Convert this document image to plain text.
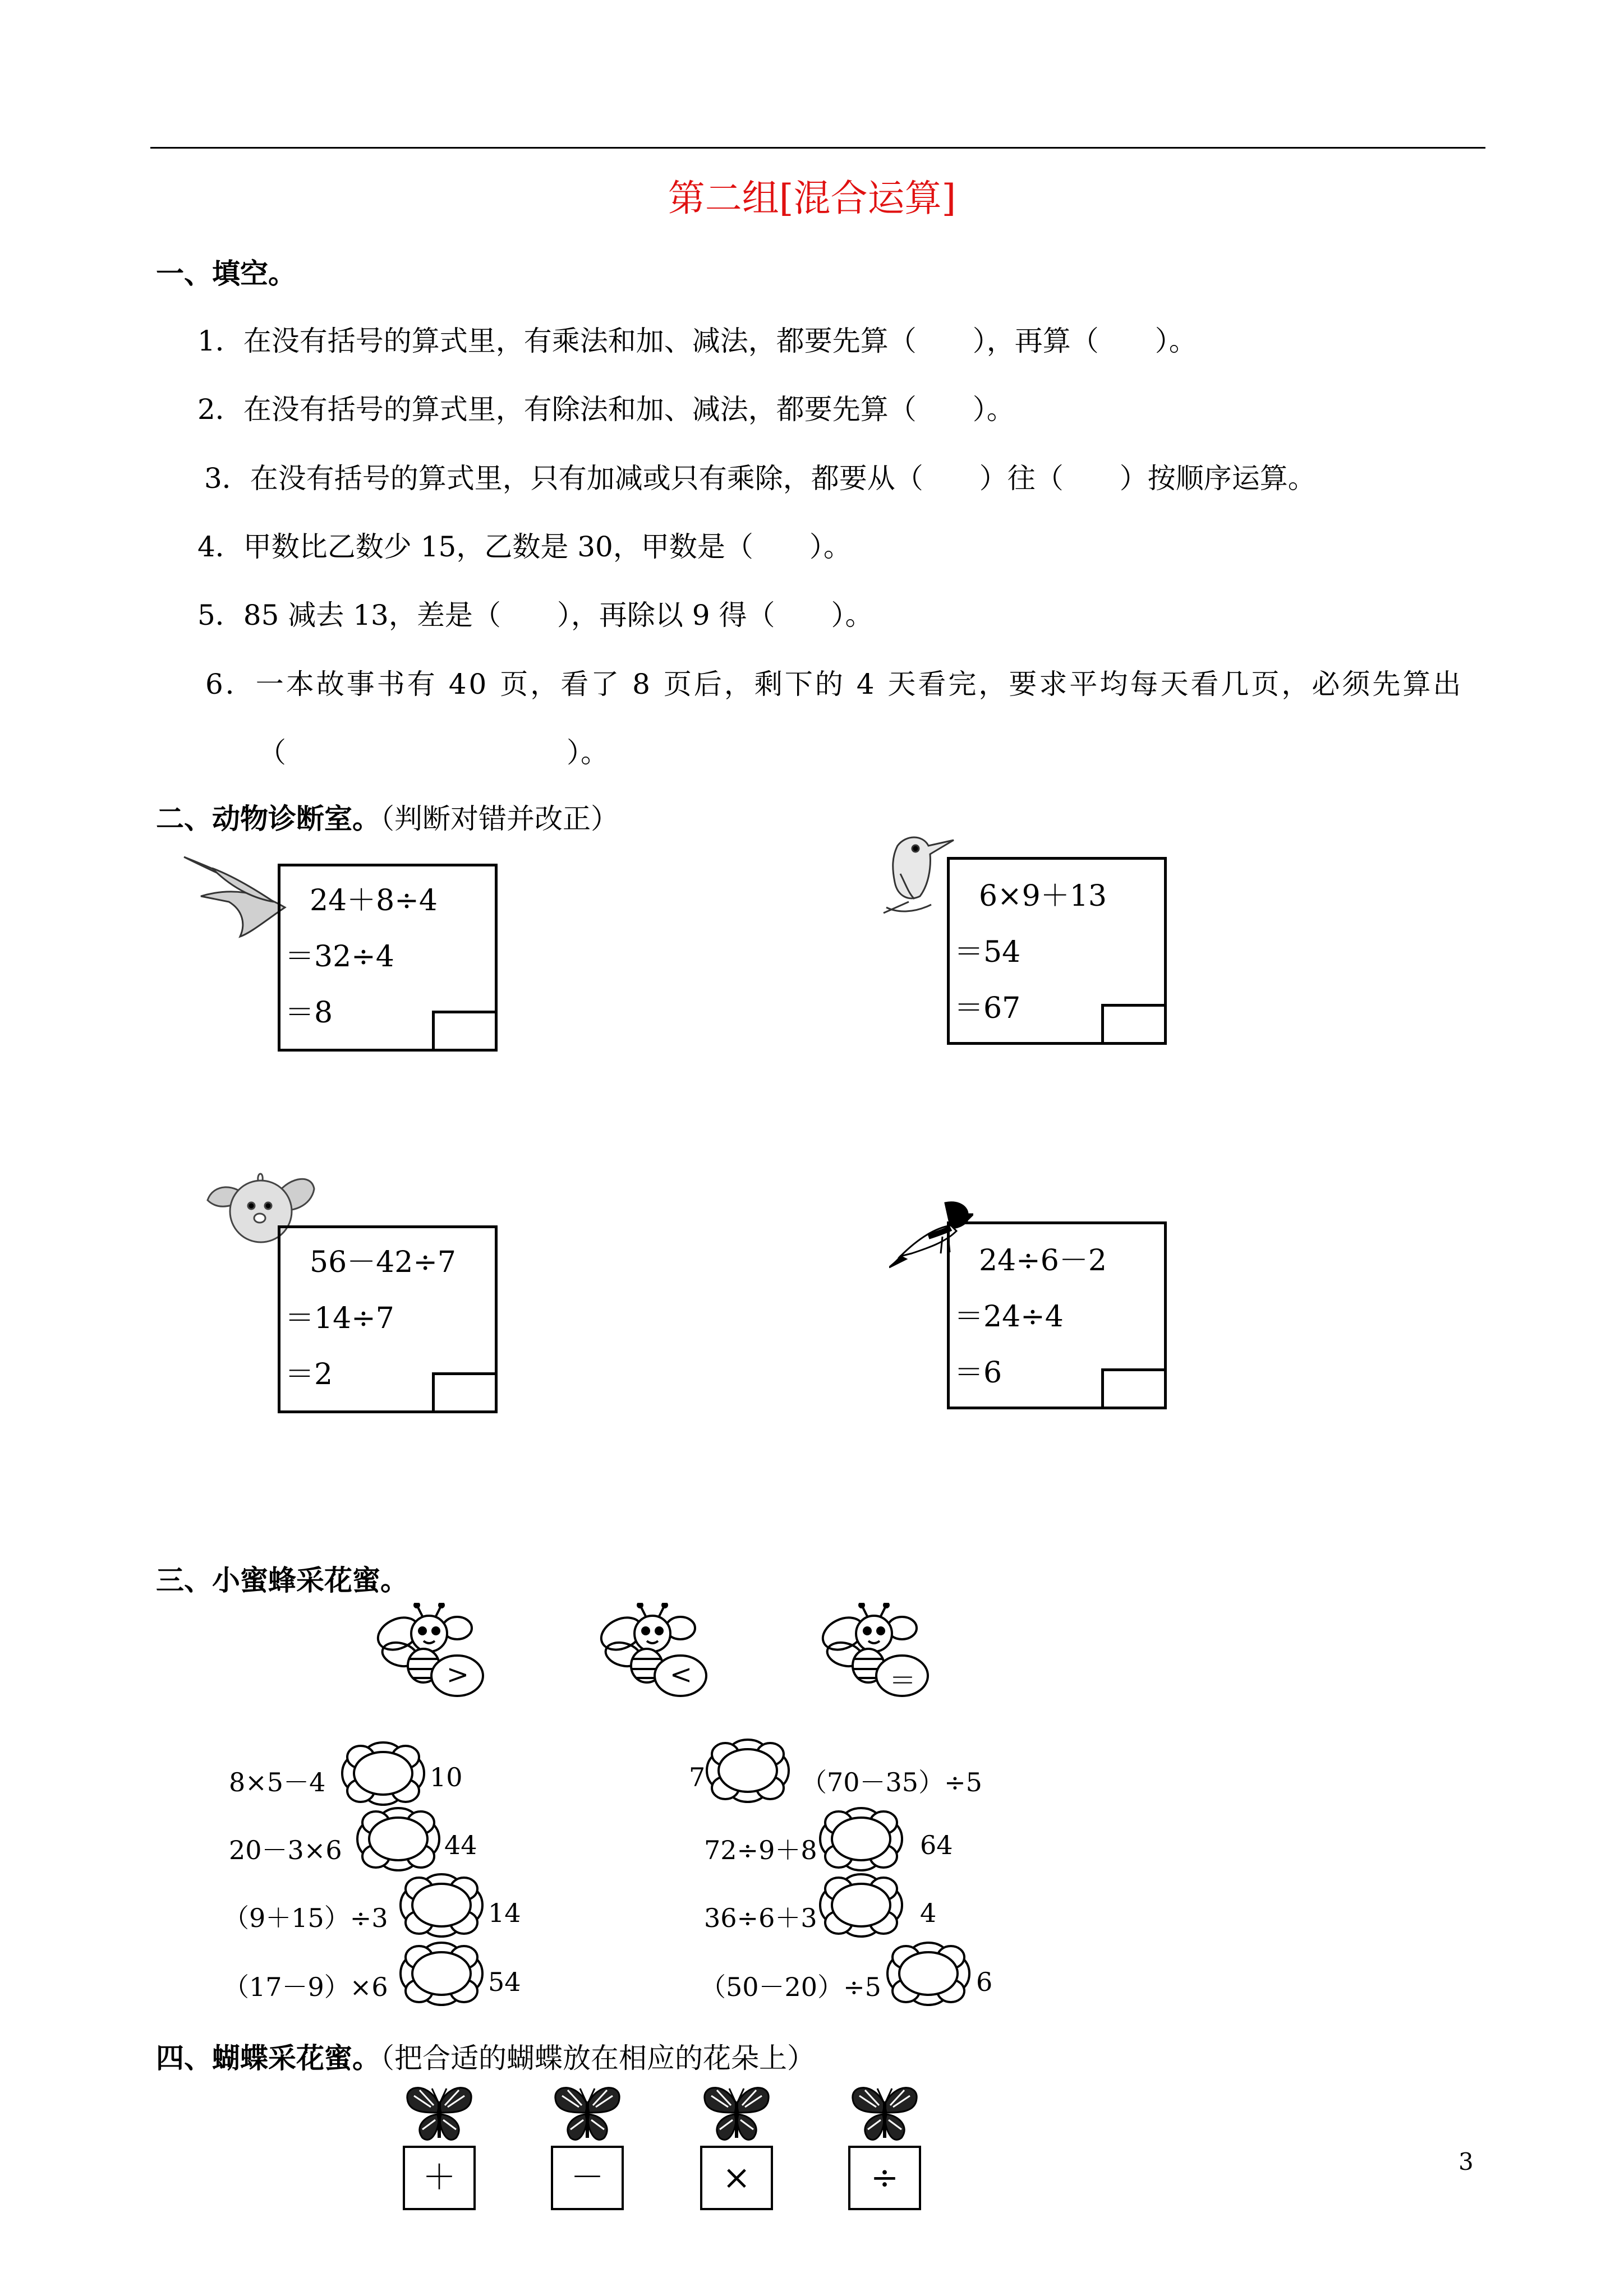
第二组[混合运算]
一、填空。
1．在没有括号的算式里，有乘法和加、减法，都要先算（　　），再算（　　）。
2．在没有括号的算式里，有除法和加、减法，都要先算（　　）。
3．在没有括号的算式里，只有加减或只有乘除，都要从（　　）往（　　）按顺序运算。
4．甲数比乙数少 15，乙数是 30，甲数是（　　）。
5．85 减去 13，差是（　　），再除以 9 得（　　）。
6．一本故事书有 40 页，看了 8 页后，剩下的 4 天看完，要求平均每天看几页，必须先算出
（　　　　　　　　　　）。
二、动物诊断室。（判断对错并改正）
24＋8÷4
＝32÷4
＝8
6×9＋13
＝54
＝67
56－42÷7
＝14÷7
＝2
24÷6－2
＝24÷4
＝6
三、小蜜蜂采花蜜。
>	<	＝
8×5－4	10
20－3×6	44
（9＋15）÷3	14
（17－9）×6	54
7	（70－35）÷5
72÷9＋8	64
36÷6＋3	4
（50－20）÷5	6
四、蝴蝶采花蜜。（把合适的蝴蝶放在相应的花朵上）
＋	－	×	÷	3
